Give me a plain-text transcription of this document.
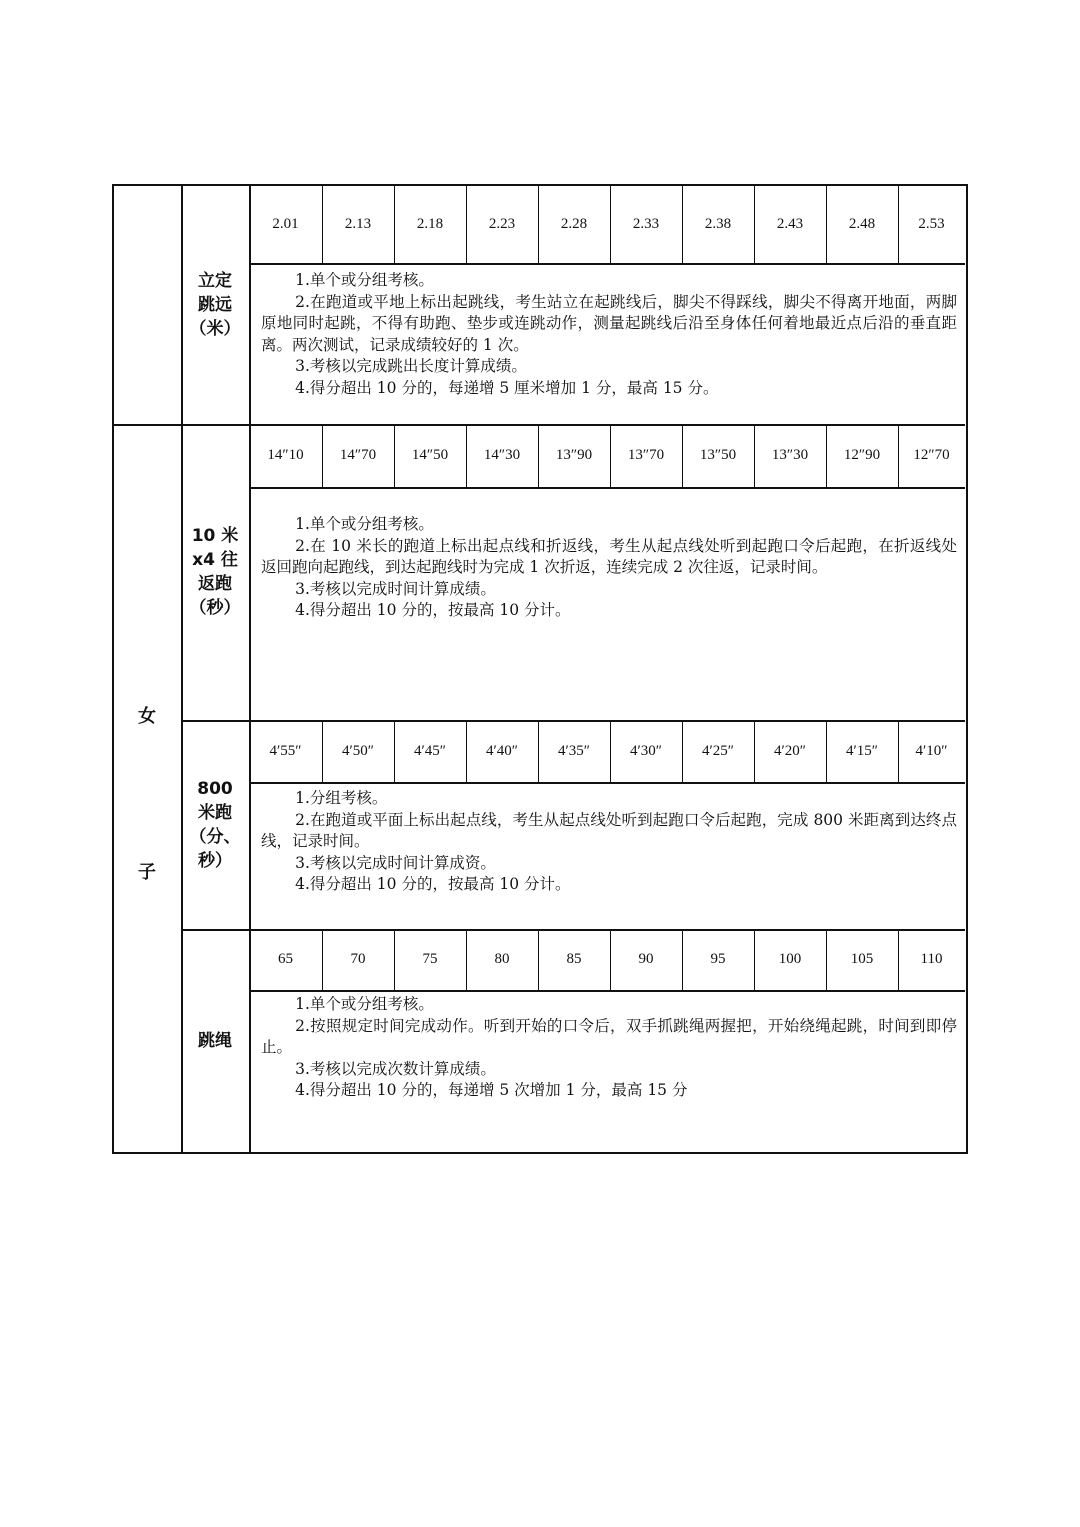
女
子
2.01	2.13	2.18	2.23	2.28	2.33	2.38	2.43	2.48	2.53
立定
跳远
（米）

1.单个或分组考核。

2.在跑道或平地上标出起跳线，考生站立在起跳线后，脚尖不得踩线，脚尖不得离开地面，两脚原地同时起跳，不得有助跑、垫步或连跳动作，测量起跳线后沿至身体任何着地最近点后沿的垂直距离。两次测试，记录成绩较好的 1 次。

3.考核以完成跳出长度计算成绩。

4.得分超出 10 分的，每递增 5 厘米增加 1 分，最高 15 分。

14″10	14″70	14″50	14″30	13″90	13″70	13″50	13″30	12″90	12″70
10 米
x4 往
返跑
（秒）

1.单个或分组考核。

2.在 10 米长的跑道上标出起点线和折返线，考生从起点线处听到起跑口令后起跑，在折返线处返回跑向起跑线，到达起跑线时为完成 1 次折返，连续完成 2 次往返，记录时间。

3.考核以完成时间计算成绩。

4.得分超出 10 分的，按最高 10 分计。

4′55″	4′50″	4′45″	4′40″	4′35″	4′30″	4′25″	4′20″	4′15″	4′10″
800
米跑
（分、
秒）

1.分组考核。

2.在跑道或平面上标出起点线，考生从起点线处听到起跑口令后起跑，完成 800 米距离到达终点线，记录时间。

3.考核以完成时间计算成资。

4.得分超出 10 分的，按最高 10 分计。

65	70	75	80	85	90	95	100	105	110
跳绳

1.单个或分组考核。

2.按照规定时间完成动作。听到开始的口令后，双手抓跳绳两握把，开始绕绳起跳，时间到即停止。

3.考核以完成次数计算成绩。

4.得分超出 10 分的，每递增 5 次增加 1 分，最高 15 分
